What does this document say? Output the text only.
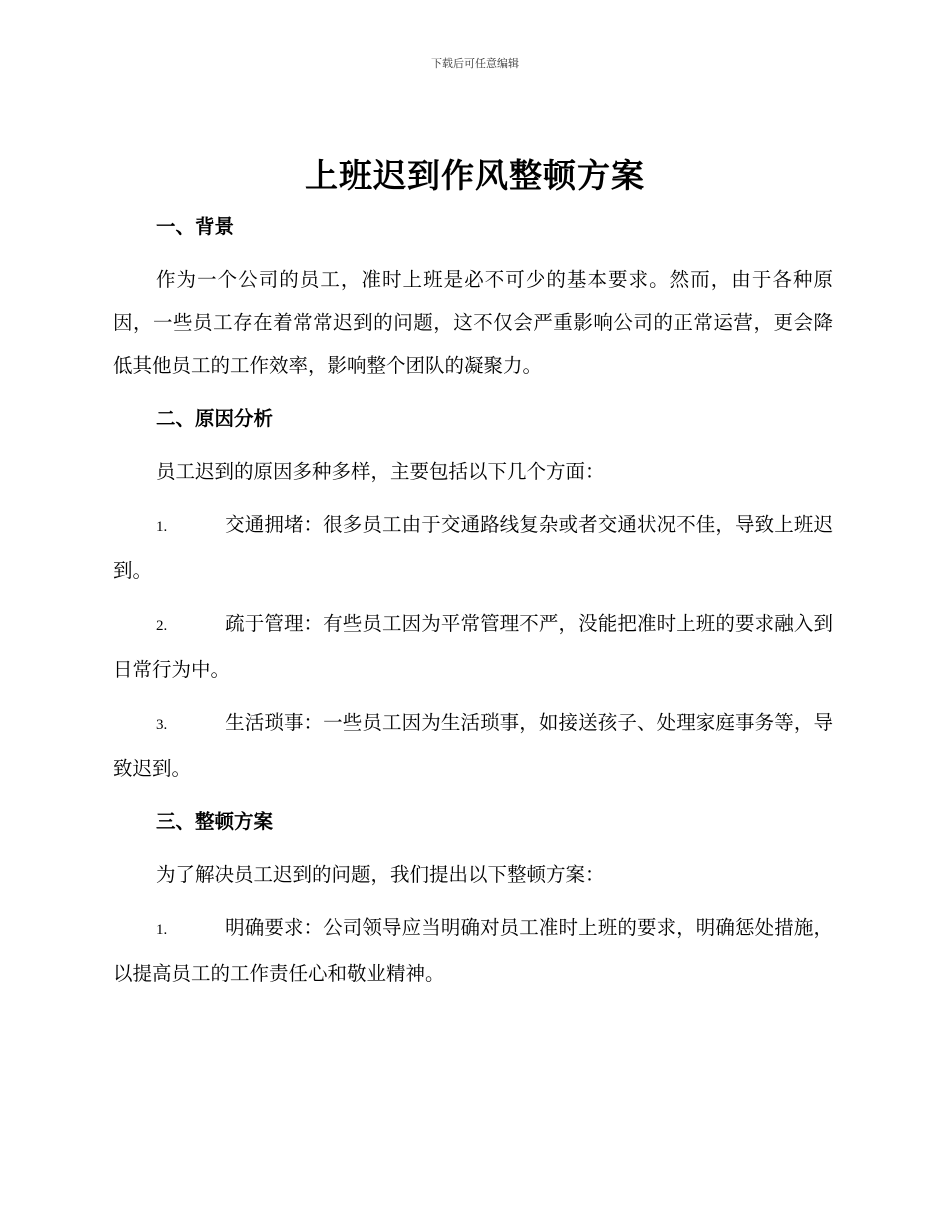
下载后可任意编辑
上班迟到作风整顿方案

一、背景

作为一个公司的员工，准时上班是必不可少的基本要求。然而，由于各种原因，一些员工存在着常常迟到的问题，这不仅会严重影响公司的正常运营，更会降低其他员工的工作效率，影响整个团队的凝聚力。

二、原因分析

员工迟到的原因多种多样，主要包括以下几个方面：

1.	交通拥堵：很多员工由于交通路线复杂或者交通状况不佳，导致上班迟到。

2.	疏于管理：有些员工因为平常管理不严，没能把准时上班的要求融入到日常行为中。

3.	生活琐事：一些员工因为生活琐事，如接送孩子、处理家庭事务等，导致迟到。

三、整顿方案

为了解决员工迟到的问题，我们提出以下整顿方案：

1.	明确要求：公司领导应当明确对员工准时上班的要求，明确惩处措施，以提高员工的工作责任心和敬业精神。
